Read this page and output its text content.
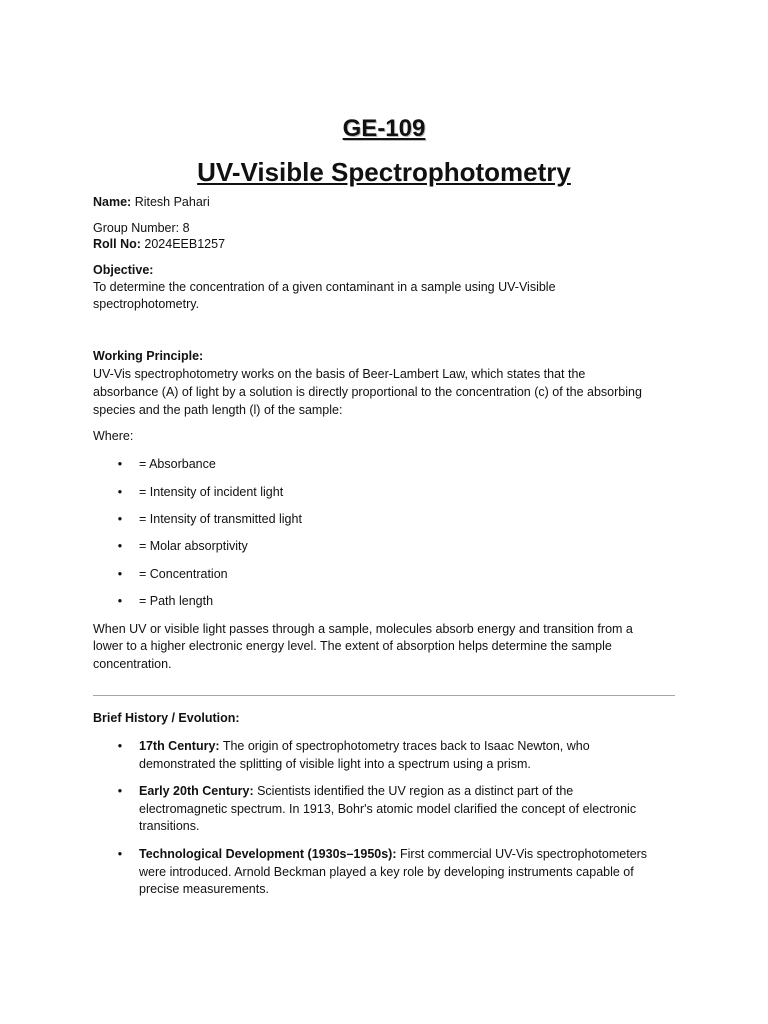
GE-109
UV-Visible Spectrophotometry
Name: Ritesh Pahari
Group Number: 8
Roll No: 2024EEB1257
Objective:
To determine the concentration of a given contaminant in a sample using UV-Visible
spectrophotometry.
Working Principle:
UV-Vis spectrophotometry works on the basis of Beer-Lambert Law, which states that the
absorbance (A) of light by a solution is directly proportional to the concentration (c) of the absorbing
species and the path length (l) of the sample:
Where:
• = Absorbance
• = Intensity of incident light
• = Intensity of transmitted light
• = Molar absorptivity
• = Concentration
• = Path length
When UV or visible light passes through a sample, molecules absorb energy and transition from a
lower to a higher electronic energy level. The extent of absorption helps determine the sample
concentration.
Brief History / Evolution:
• 17th Century: The origin of spectrophotometry traces back to Isaac Newton, who
demonstrated the splitting of visible light into a spectrum using a prism.
• Early 20th Century: Scientists identified the UV region as a distinct part of the
electromagnetic spectrum. In 1913, Bohr's atomic model clarified the concept of electronic
transitions.
• Technological Development (1930s–1950s): First commercial UV-Vis spectrophotometers
were introduced. Arnold Beckman played a key role by developing instruments capable of
precise measurements.
